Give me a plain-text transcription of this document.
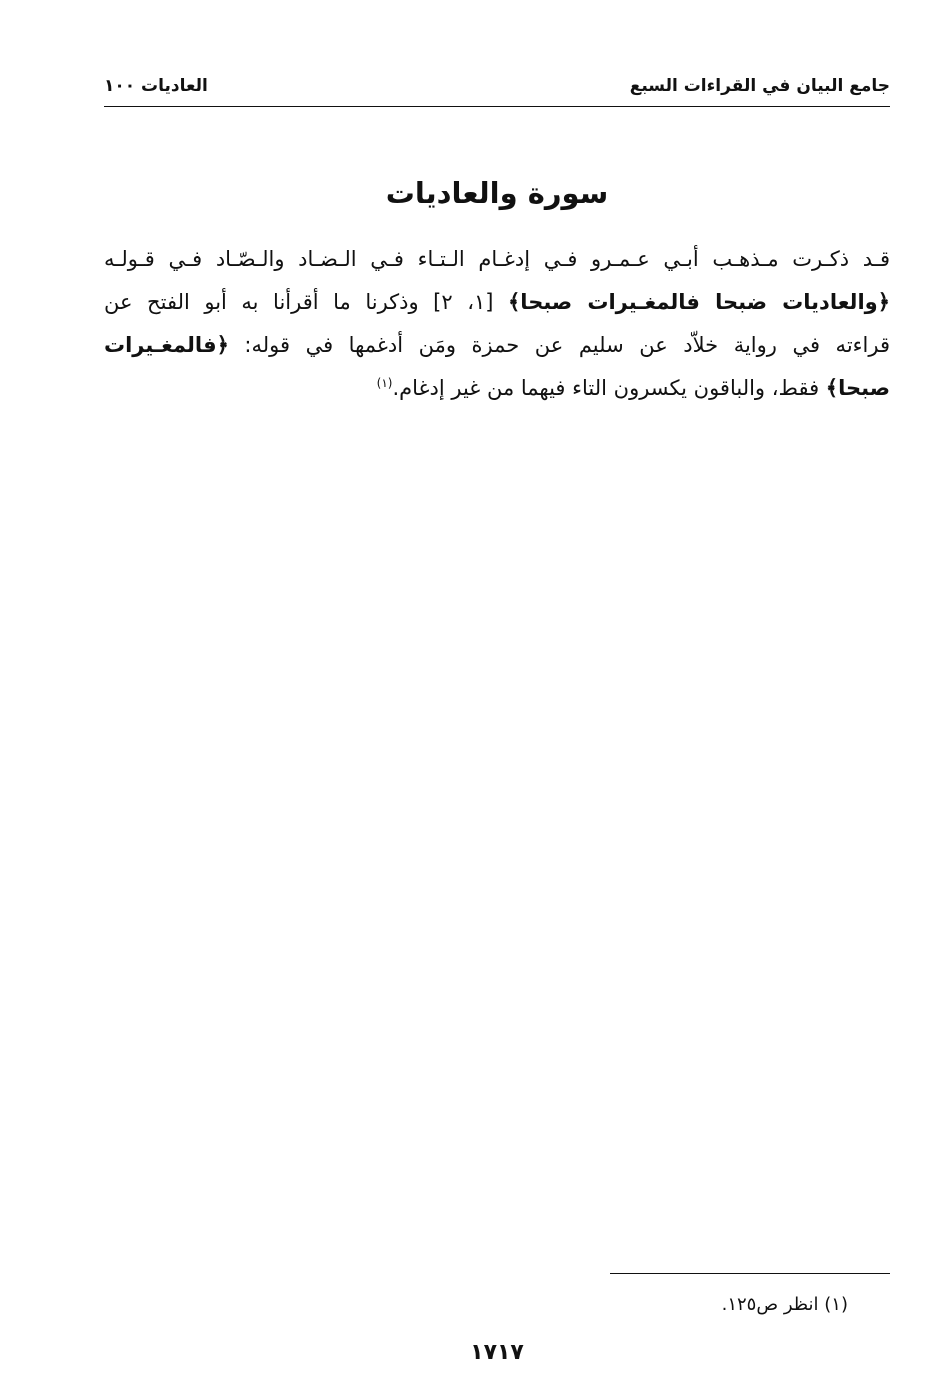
جامع البيان في القراءات السبع
العاديات ١٠٠
سورة والعاديات
قـد ذكـرت مـذهـب أبـي عـمـرو فـي إدغـام الـتـاء فـي الـضـاد والـصّـاد فـي قـولـه
﴿والعاديات ضبحا فالمغـيرات صبحا﴾ [١، ٢] وذكرنا ما أقرأنا به أبو الفتح عن
قراءته في رواية خلاّد عن سليم عن حمزة ومَن أدغمها في قوله: ﴿فالمغـيرات
صبحا﴾ فقط، والباقون يكسرون التاء فيهما من غير إدغام.$^{(١)}$
(١) انظر ص١٢٥.
١٧١٧
